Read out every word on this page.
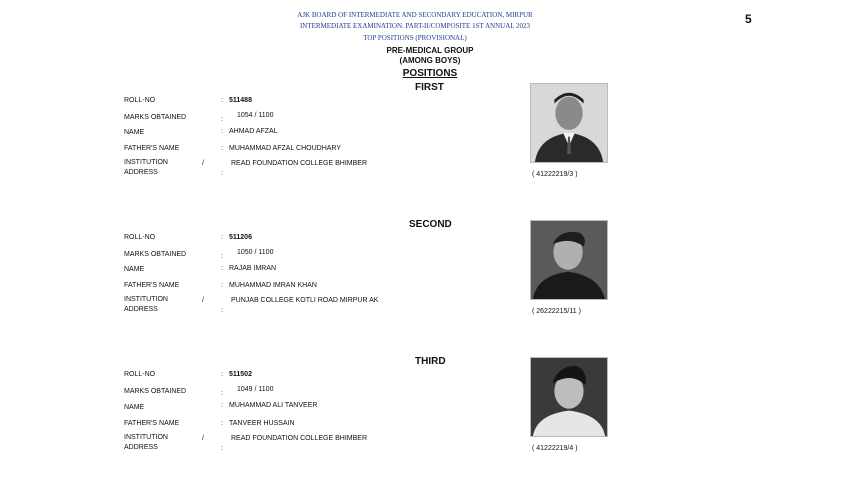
AJK BOARD OF INTERMEDIATE AND SECONDARY EDUCATION, MIRPUR
INTERMEDIATE EXAMINATION. PART-II/COMPOSITE 1ST ANNUAL 2023
TOP POSITIONS (PROVISIONAL)
5
PRE-MEDICAL GROUP
(AMONG BOYS)
POSITIONS
FIRST
ROLL-NO	: 511488
MARKS OBTAINED	:
1054 / 1100
NAME	: AHMAD AFZAL
FATHER'S NAME	: MUHAMMAD AFZAL CHOUDHARY
INSTITUTION	/	READ FOUNDATION COLLEGE BHIMBER
ADDRESS	:	( 41222219/3 )
SECOND
ROLL-NO	: 511206
MARKS OBTAINED	:
1050 / 1100
NAME	: RAJAB IMRAN
FATHER'S NAME	: MUHAMMAD IMRAN KHAN
INSTITUTION	/	PUNJAB COLLEGE KOTLI ROAD MIRPUR AK
ADDRESS	:	( 26222215/11 )
THIRD
ROLL-NO	: 511502
MARKS OBTAINED	:
1049 / 1100
NAME	: MUHAMMAD ALI TANVEER
FATHER'S NAME	: TANVEER HUSSAIN
INSTITUTION	/	READ FOUNDATION COLLEGE BHIMBER
ADDRESS	:	( 41222219/4 )
